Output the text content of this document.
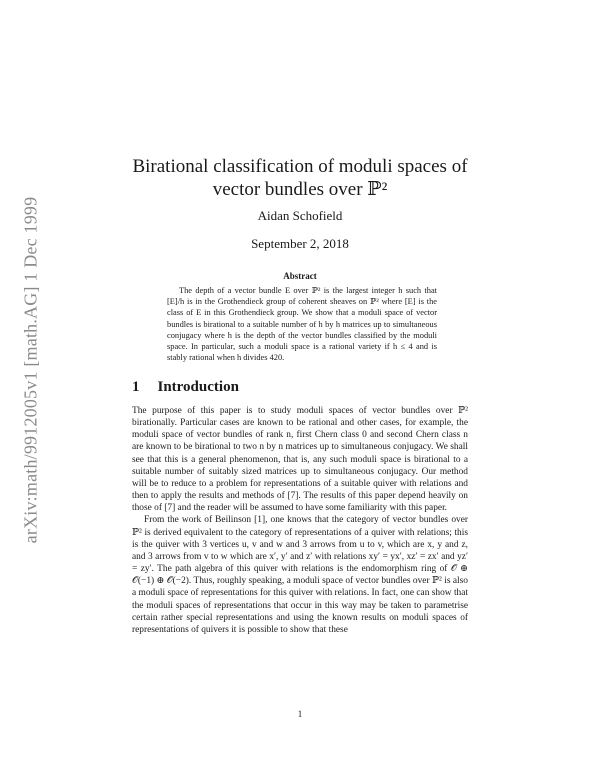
arXiv:math/9912005v1 [math.AG] 1 Dec 1999
Birational classification of moduli spaces of vector bundles over ℙ²
Aidan Schofield
September 2, 2018
Abstract

The depth of a vector bundle E over ℙ² is the largest integer h such that [E]/h is in the Grothendieck group of coherent sheaves on ℙ² where [E] is the class of E in this Grothendieck group. We show that a moduli space of vector bundles is birational to a suitable number of h by h matrices up to simultaneous conjugacy where h is the depth of the vector bundles classified by the moduli space. In particular, such a moduli space is a rational variety if h ≤ 4 and is stably rational when h divides 420.

1 Introduction

The purpose of this paper is to study moduli spaces of vector bundles over ℙ² birationally. Particular cases are known to be rational and other cases, for example, the moduli space of vector bundles of rank n, first Chern class 0 and second Chern class n are known to be birational to two n by n matrices up to simultaneous conjugacy. We shall see that this is a general phenomenon, that is, any such moduli space is birational to a suitable number of suitably sized matrices up to simultaneous conjugacy. Our method will be to reduce to a problem for representations of a suitable quiver with relations and then to apply the results and methods of [7]. The results of this paper depend heavily on those of [7] and the reader will be assumed to have some familiarity with this paper.

From the work of Beilinson [1], one knows that the category of vector bundles over ℙ² is derived equivalent to the category of representations of a quiver with relations; this is the quiver with 3 vertices u, v and w and 3 arrows from u to v, which are x, y and z, and 3 arrows from v to w which are x′, y′ and z′ with relations xy′ = yx′, xz′ = zx′ and yz′ = zy′. The path algebra of this quiver with relations is the endomorphism ring of 𝒪 ⊕ 𝒪(−1) ⊕ 𝒪(−2). Thus, roughly speaking, a moduli space of vector bundles over ℙ² is also a moduli space of representations for this quiver with relations. In fact, one can show that the moduli spaces of representations that occur in this way may be taken to parametrise certain rather special representations and using the known results on moduli spaces of representations of quivers it is possible to show that these

1
